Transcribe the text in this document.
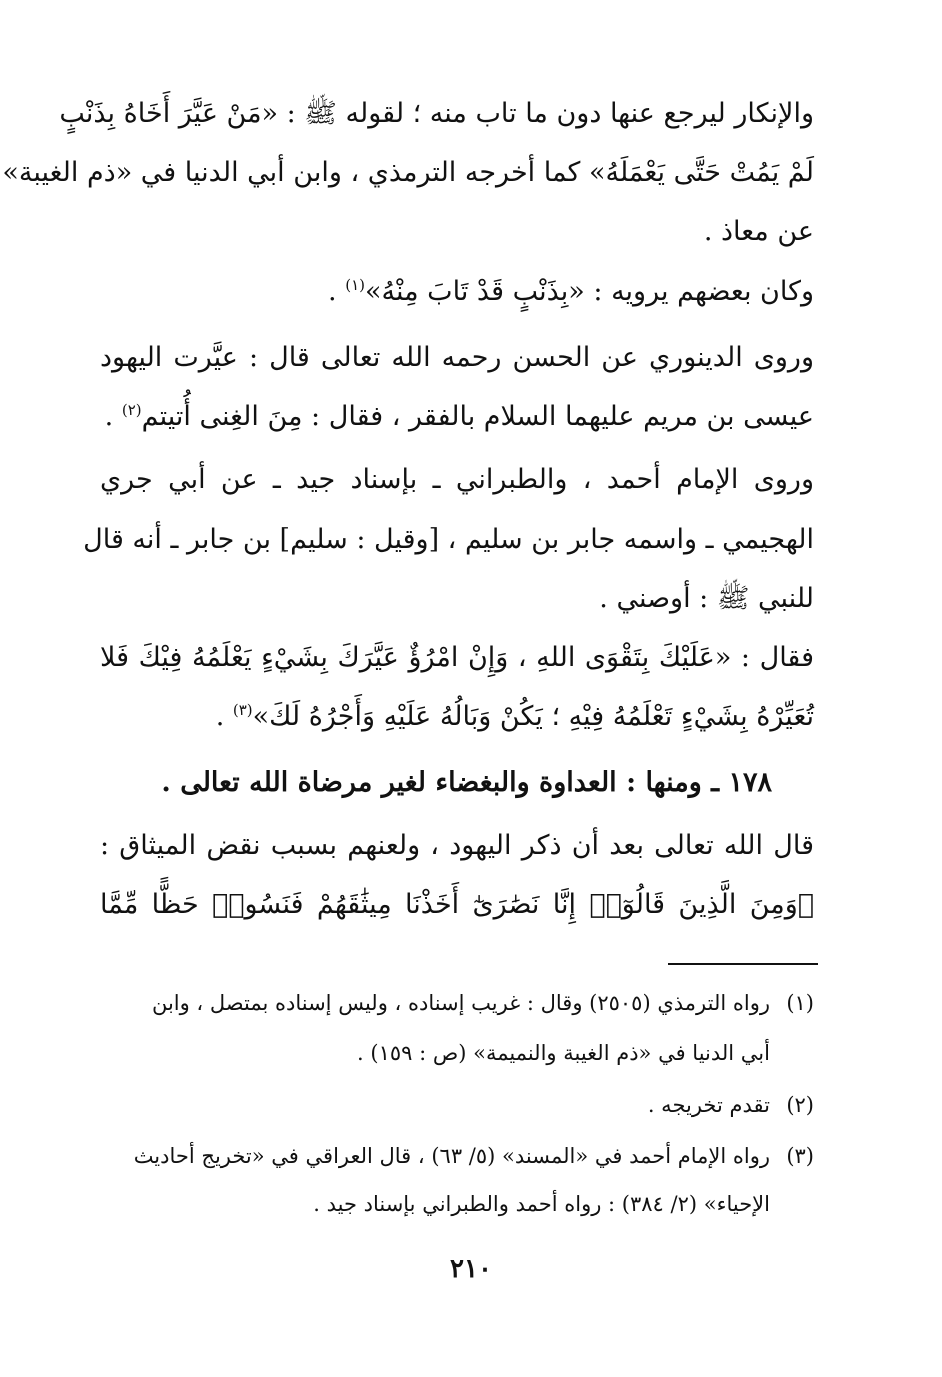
والإنكار ليرجع عنها دون ما تاب منه ؛ لقوله ﷺ : «مَنْ عَيَّرَ أَخَاهُ بِذَنْبٍ
لَمْ يَمُتْ حَتَّى يَعْمَلَهُ» كما أخرجه الترمذي ، وابن أبي الدنيا في «ذم الغيبة»
عن معاذ .
وكان بعضهم يرويه : «بِذَنْبٍ قَدْ تَابَ مِنْهُ»$^{(١)}$ .
وروى الدينوري عن الحسن رحمه الله تعالى قال : عيَّرت اليهود
عيسى بن مريم عليهما السلام بالفقر ، فقال : مِنَ الغِنى أُتيتم$^{(٢)}$ .
وروى الإمام أحمد ، والطبراني ـ بإسناد جيد ـ عن أبي جري
الهجيمي ـ واسمه جابر بن سليم ، [وقيل : سليم] بن جابر ـ أنه قال
للنبي ﷺ : أوصني .
فقال : «عَلَيْكَ بِتَقْوَى اللهِ ، وَإِنْ امْرُؤٌ عَيَّرَكَ بِشَيْءٍ يَعْلَمُهُ فِيْكَ فَلا
تُعَيِّرْهُ بِشَيْءٍ تَعْلَمُهُ فِيْهِ ؛ يَكُنْ وَبَالُهُ عَلَيْهِ وَأَجْرُهُ لَكَ»$^{(٣)}$ .
١٧٨ ـ ومنها : العداوة والبغضاء لغير مرضاة الله تعالى .
قال الله تعالى بعد أن ذكر اليهود ، ولعنهم بسبب نقض الميثاق :
﴿وَمِنَ الَّذِينَ قَالُوٓا۟ إِنَّا نَصَٰرَىٰٓ أَخَذْنَا مِيثَٰقَهُمْ فَنَسُوا۟ حَظًّا مِّمَّا
(١)رواه الترمذي (٢٥٠٥) وقال : غريب إسناده ، وليس إسناده بمتصل ، وابن
أبي الدنيا في «ذم الغيبة والنميمة» (ص : ١٥٩) .
(٢)تقدم تخريجه .
(٣)رواه الإمام أحمد في «المسند» (٥/ ٦٣) ، قال العراقي في «تخريج أحاديث
الإحياء» (٢/ ٣٨٤) : رواه أحمد والطبراني بإسناد جيد .
٢١٠
